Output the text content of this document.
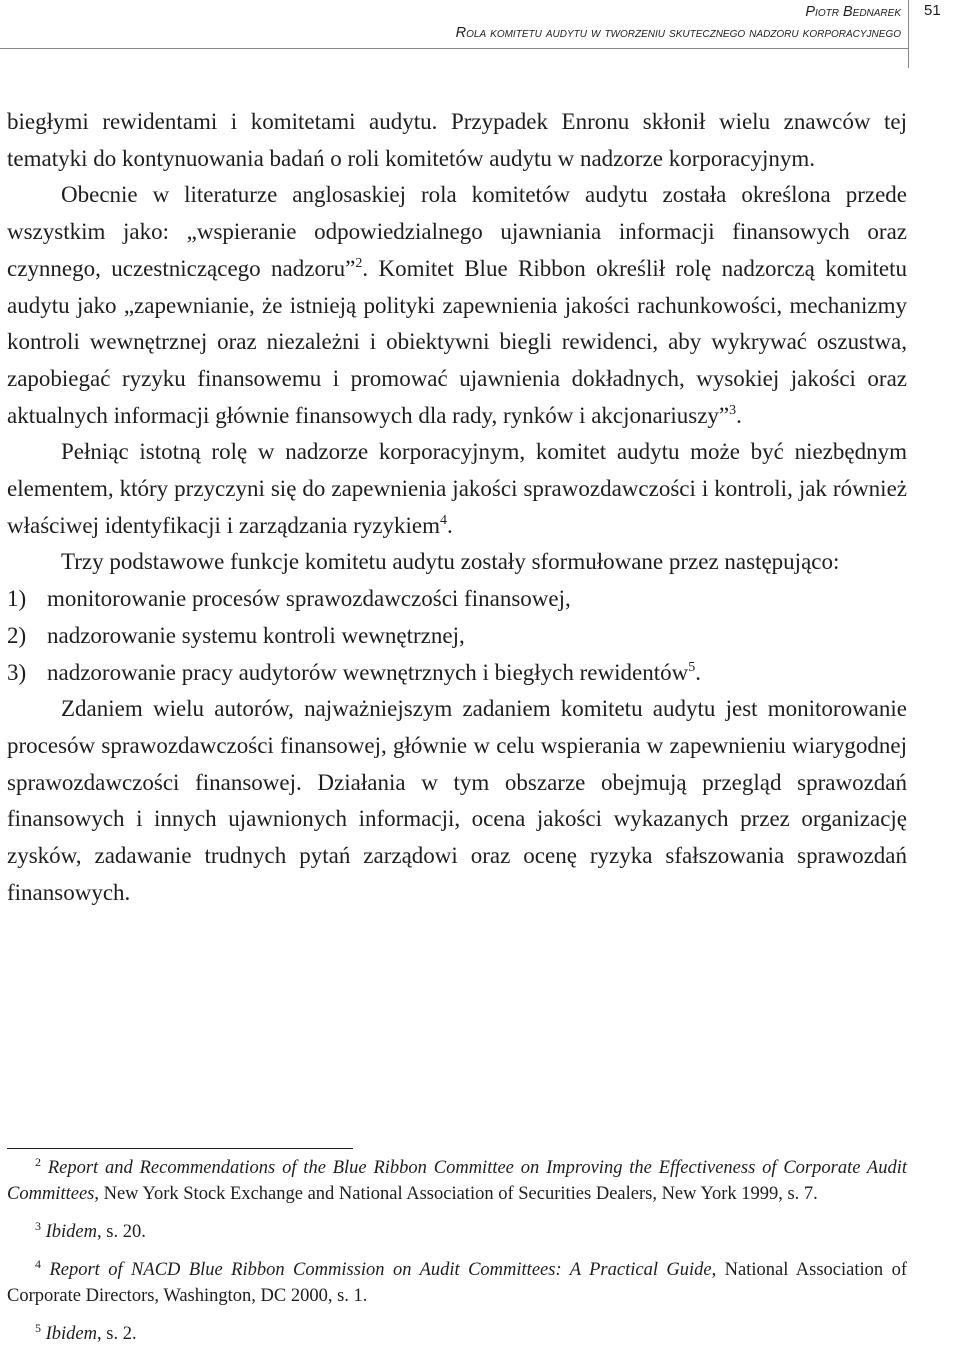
Piotr Bednarek
Rola komitetu audytu w tworzeniu skutecznego nadzoru korporacyjnego
51

biegłymi rewidentami i komitetami audytu. Przypadek Enronu skłonił wielu znawców tej tematyki do kontynuowania badań o roli komitetów audytu w nadzorze korporacyjnym.

Obecnie w literaturze anglosaskiej rola komitetów audytu została określona przede wszystkim jako: „wspieranie odpowiedzialnego ujawniania informacji finansowych oraz czynnego, uczestniczącego nadzoru”$^2$. Komitet Blue Ribbon określił rolę nadzorczą komitetu audytu jako „zapewnianie, że istnieją polityki zapewnienia jakości rachunkowości, mechanizmy kontroli wewnętrznej oraz niezależni i obiektywni biegli rewidenci, aby wykrywać oszustwa, zapobiegać ryzyku finansowemu i promować ujawnienia dokładnych, wysokiej jakości oraz aktualnych informacji głównie finansowych dla rady, rynków i akcjonariuszy”$^3$.

Pełniąc istotną rolę w nadzorze korporacyjnym, komitet audytu może być niezbędnym elementem, który przyczyni się do zapewnienia jakości sprawozdawczości i kontroli, jak również właściwej identyfikacji i zarządzania ryzykiem$^4$.

Trzy podstawowe funkcje komitetu audytu zostały sformułowane przez następująco:

1) monitorowanie procesów sprawozdawczości finansowej,
2) nadzorowanie systemu kontroli wewnętrznej,
3) nadzorowanie pracy audytorów wewnętrznych i biegłych rewidentów$^5$.

Zdaniem wielu autorów, najważniejszym zadaniem komitetu audytu jest monitorowanie procesów sprawozdawczości finansowej, głównie w celu wspierania w zapewnieniu wiarygodnej sprawozdawczości finansowej. Działania w tym obszarze obejmują przegląd sprawozdań finansowych i innych ujawnionych informacji, ocena jakości wykazanych przez organizację zysków, zadawanie trudnych pytań zarządowi oraz ocenę ryzyka sfałszowania sprawozdań finansowych.

$^2$ Report and Recommendations of the Blue Ribbon Committee on Improving the Effectiveness of Corporate Audit Committees, New York Stock Exchange and National Association of Securities Dealers, New York 1999, s. 7.

$^3$ Ibidem, s. 20.

$^4$ Report of NACD Blue Ribbon Commission on Audit Committees: A Practical Guide, National Association of Corporate Directors, Washington, DC 2000, s. 1.

$^5$ Ibidem, s. 2.
